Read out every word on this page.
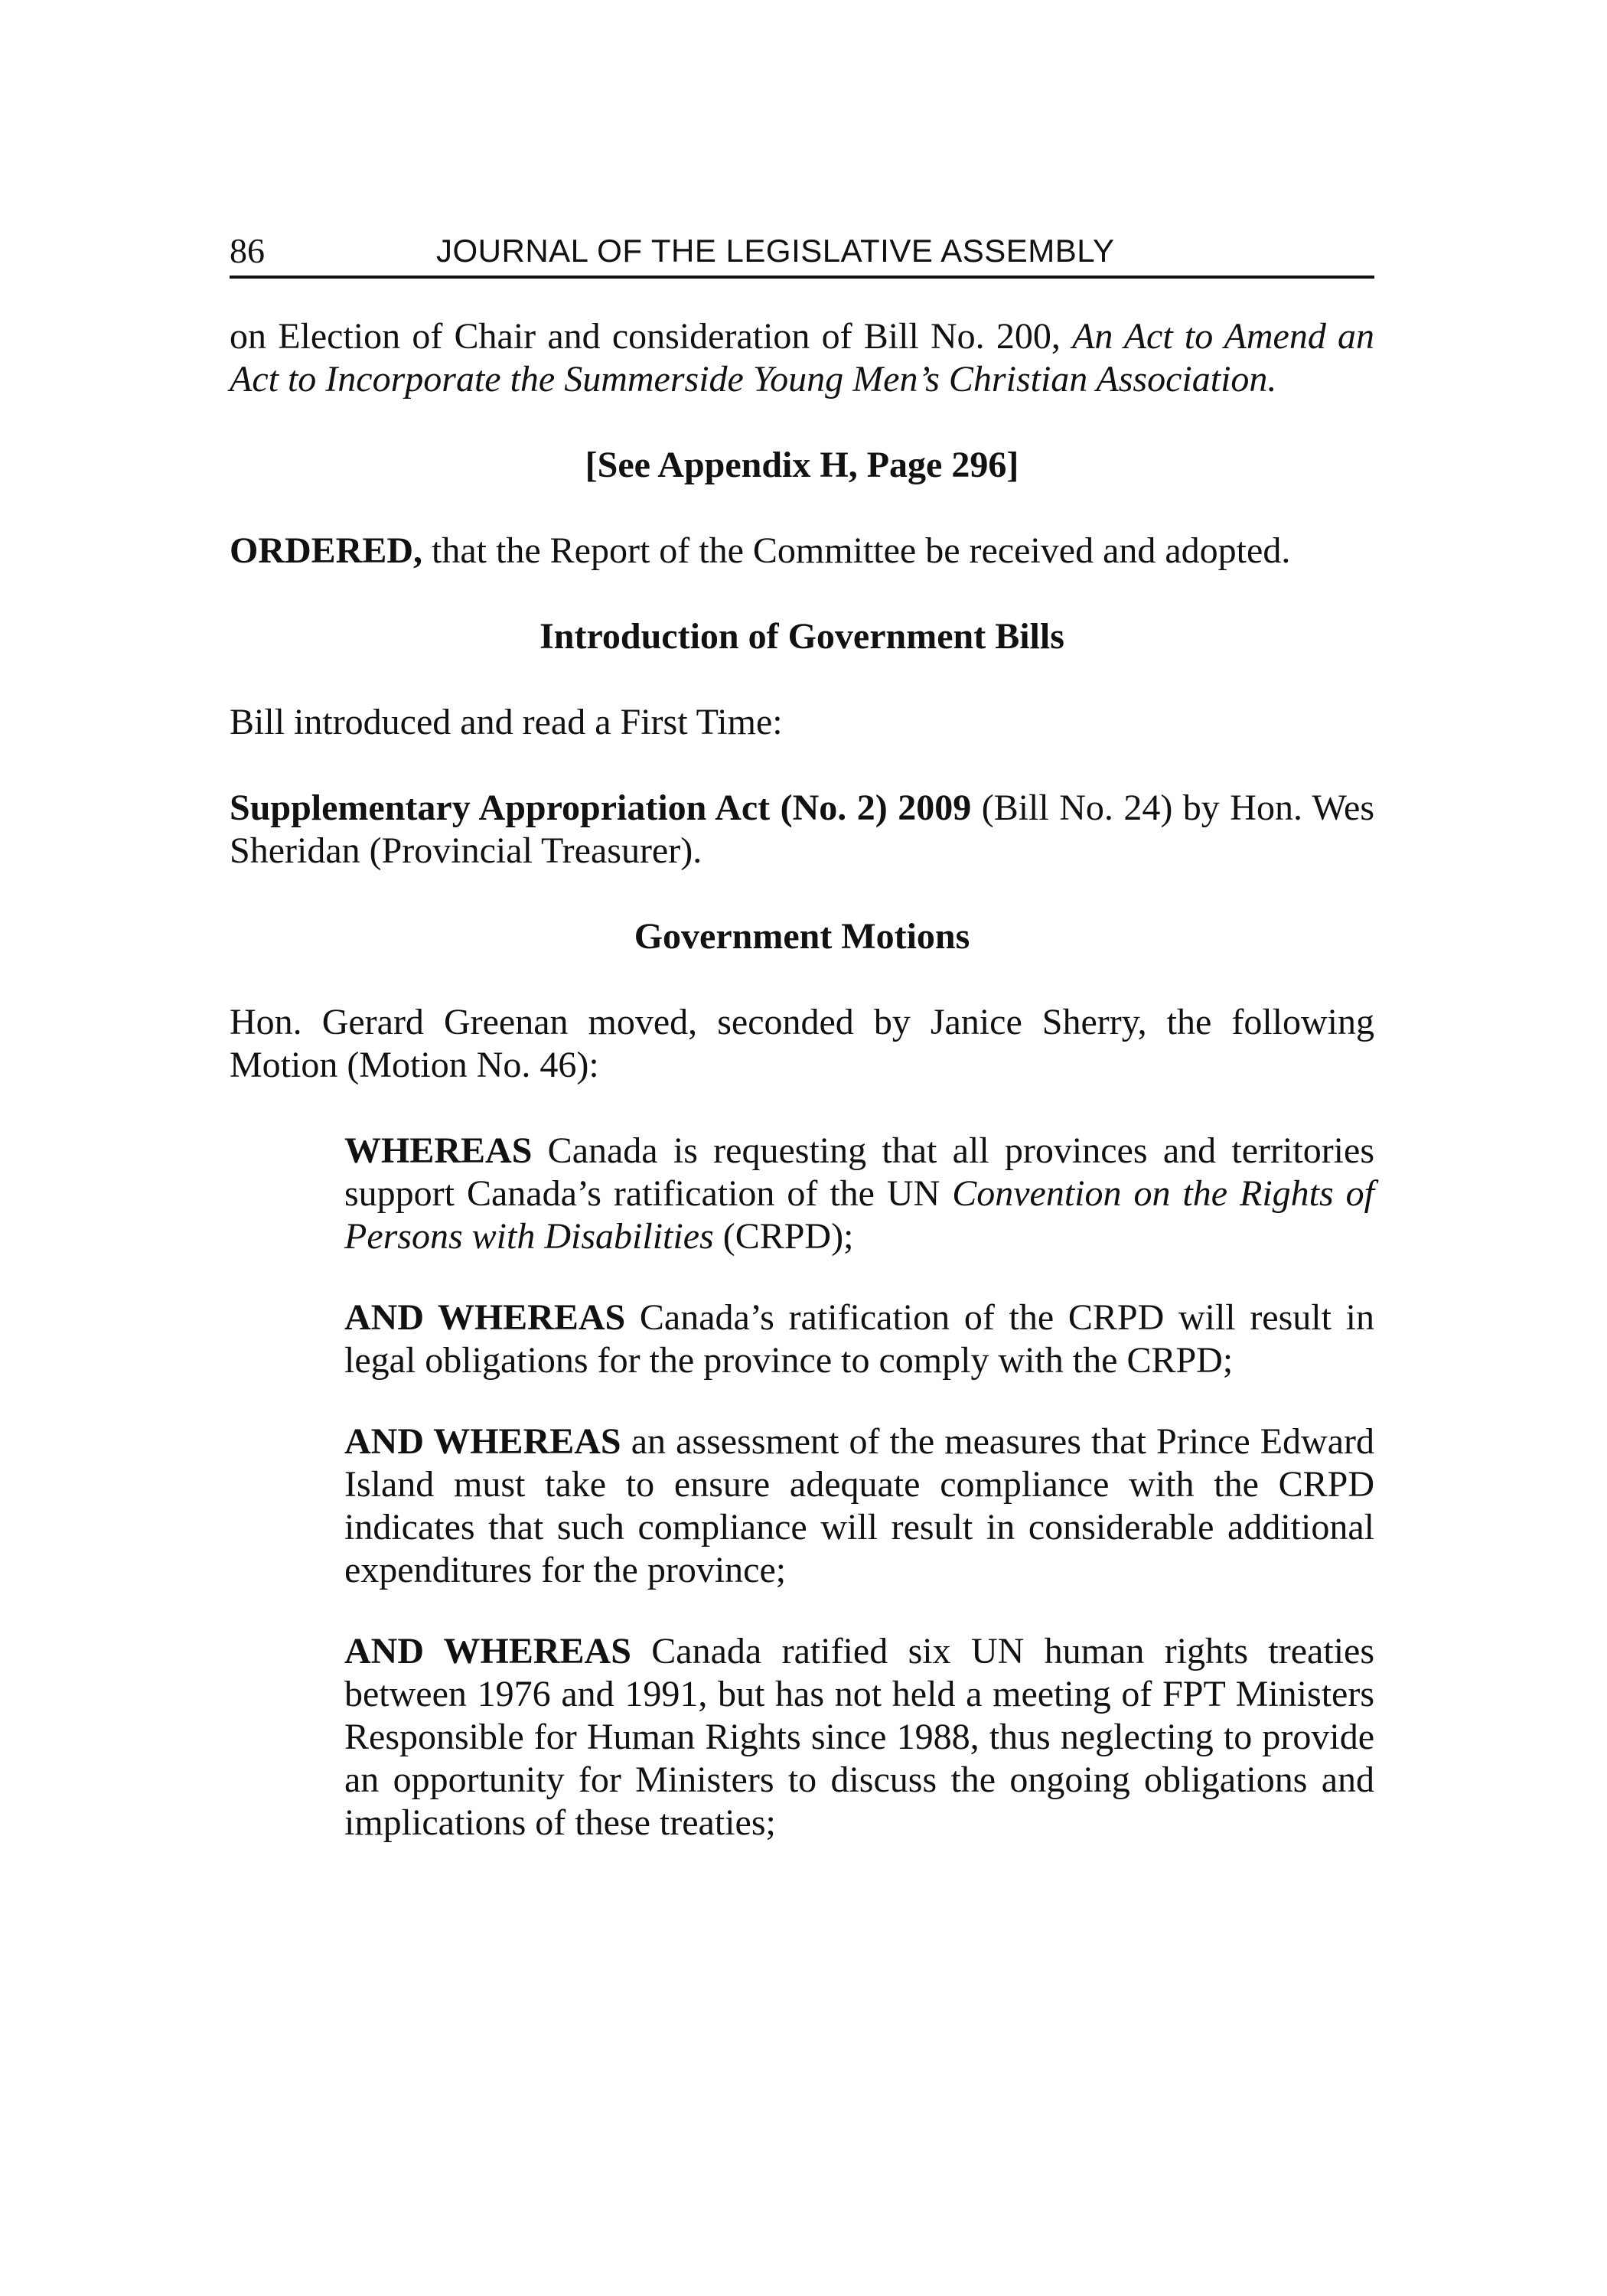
86	JOURNAL OF THE LEGISLATIVE ASSEMBLY

on Election of Chair and consideration of Bill No. 200, An Act to Amend an Act to Incorporate the Summerside Young Men’s Christian Association.

[See Appendix H, Page 296]

ORDERED, that the Report of the Committee be received and adopted.

Introduction of Government Bills

Bill introduced and read a First Time:

Supplementary Appropriation Act (No. 2) 2009 (Bill No. 24) by Hon. Wes Sheridan (Provincial Treasurer).

Government Motions

Hon. Gerard Greenan moved, seconded by Janice Sherry, the following Motion (Motion No. 46):

WHEREAS Canada is requesting that all provinces and territories support Canada’s ratification of the UN Convention on the Rights of Persons with Disabilities (CRPD);

AND WHEREAS Canada’s ratification of the CRPD will result in legal obligations for the province to comply with the CRPD;

AND WHEREAS an assessment of the measures that Prince Edward Island must take to ensure adequate compliance with the CRPD indicates that such compliance will result in considerable additional expenditures for the province;

AND WHEREAS Canada ratified six UN human rights treaties between 1976 and 1991, but has not held a meeting of FPT Ministers Responsible for Human Rights since 1988, thus neglecting to provide an opportunity for Ministers to discuss the ongoing obligations and implications of these treaties;
